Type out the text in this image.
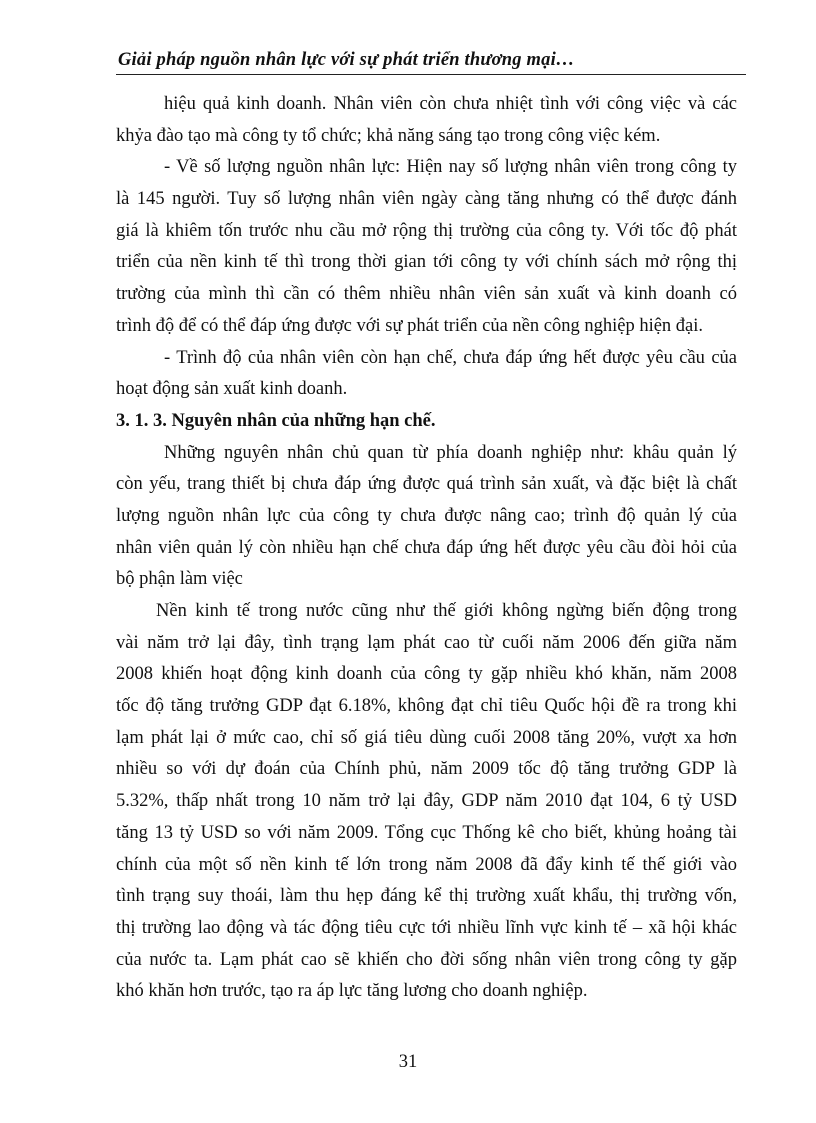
Giải pháp nguồn nhân lực với sự phát triển thương mại…
hiệu quả kinh doanh. Nhân viên còn chưa nhiệt tình với công việc và các
khỷa đào tạo mà công ty tổ chức; khả năng sáng tạo trong công việc kém.
- Về số lượng nguồn nhân lực: Hiện nay số lượng nhân viên trong công ty
là 145 người. Tuy số lượng nhân viên ngày càng tăng nhưng có thể được đánh
giá là khiêm tốn trước nhu cầu mở rộng thị trường của công ty. Với tốc độ phát
triển của nền kinh tế thì trong thời gian tới công ty với chính sách mở rộng thị
trường của mình thì cần có thêm nhiều nhân viên sản xuất và kinh doanh có
trình độ để có thể đáp ứng được với sự phát triển của nền công nghiệp hiện đại.
- Trình độ của nhân viên còn hạn chế, chưa đáp ứng hết được yêu cầu của
hoạt động sản xuất kinh doanh.
3. 1. 3. Nguyên nhân của những hạn chế.
Những nguyên nhân chủ quan từ phía doanh nghiệp như: khâu quản lý
còn yếu, trang thiết bị chưa đáp ứng được quá trình sản xuất, và đặc biệt là chất
lượng nguồn nhân lực của công ty chưa được nâng cao; trình độ quản lý của
nhân viên quản lý còn nhiều hạn chế chưa đáp ứng hết được yêu cầu đòi hỏi của
bộ phận làm việc
Nền kinh tế trong nước cũng như thế giới không ngừng biến động trong
vài năm trở lại đây, tình trạng lạm phát cao từ cuối năm 2006 đến giữa năm
2008 khiến hoạt động kinh doanh của công ty gặp nhiều khó khăn, năm 2008
tốc độ tăng trưởng GDP đạt 6.18%, không đạt chỉ tiêu Quốc hội đề ra trong khi
lạm phát lại ở mức cao, chỉ số giá tiêu dùng cuối 2008 tăng 20%, vượt xa hơn
nhiều so với dự đoán của Chính phủ, năm 2009 tốc độ tăng trưởng GDP là
5.32%, thấp nhất trong 10 năm trở lại đây, GDP năm 2010 đạt 104, 6 tỷ USD
tăng 13 tỷ USD so với năm 2009. Tổng cục Thống kê cho biết, khủng hoảng tài
chính của một số nền kinh tế lớn trong năm 2008 đã đẩy kinh tế thế giới vào
tình trạng suy thoái, làm thu hẹp đáng kể thị trường xuất khẩu, thị trường vốn,
thị trường lao động và tác động tiêu cực tới nhiều lĩnh vực kinh tế – xã hội khác
của nước ta. Lạm phát cao sẽ khiến cho đời sống nhân viên trong công ty gặp
khó khăn hơn trước, tạo ra áp lực tăng lương cho doanh nghiệp.
31
